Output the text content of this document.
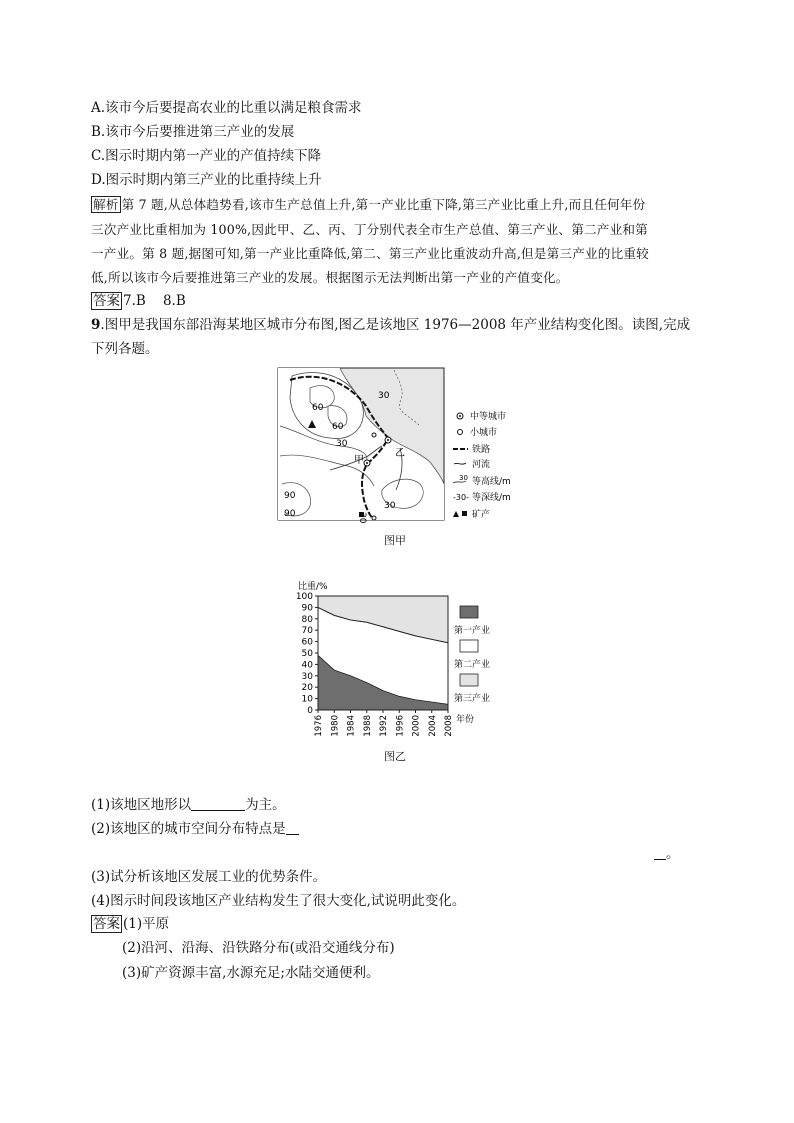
A.该市今后要提高农业的比重以满足粮食需求
B.该市今后要推进第三产业的发展
C.图示时期内第一产业的产值持续下降
D.图示时期内第三产业的比重持续上升
解析 第 7 题,从总体趋势看,该市生产总值上升,第一产业比重下降,第三产业比重上升,而且任何年份
三次产业比重相加为 100%,因此甲、乙、丙、丁分别代表全市生产总值、第三产业、第二产业和第
一产业。第 8 题,据图可知,第一产业比重降低,第二、第三产业比重波动升高,但是第三产业的比重较
低,所以该市今后要推进第三产业的发展。根据图示无法判断出第一产业的产值变化。
答案 7.B    8.B
9.图甲是我国东部沿海某地区城市分布图,图乙是该地区 1976—2008 年产业结构变化图。读图,完成
下列各题。
60
60
30
30
30
30
90
90
甲
乙
中等城市
小城市
铁路
河流
30 等高线/m
-30- 等深线/m
矿产
图甲
0
10
20
30
40
50
60
70
80
90
100
比重/%
1976 1980 1984 1988 1992 1996 2000 2004 2008
第一产业
第二产业
第三产业
年份
图乙
(1)该地区地形以	为主。
(2)该地区的城市空间分布特点是
。
(3)试分析该地区发展工业的优势条件。
(4)图示时间段该地区产业结构发生了很大变化,试说明此变化。
答案 (1)平原
(2)沿河、沿海、沿铁路分布(或沿交通线分布)
(3)矿产资源丰富,水源充足;水陆交通便利。
